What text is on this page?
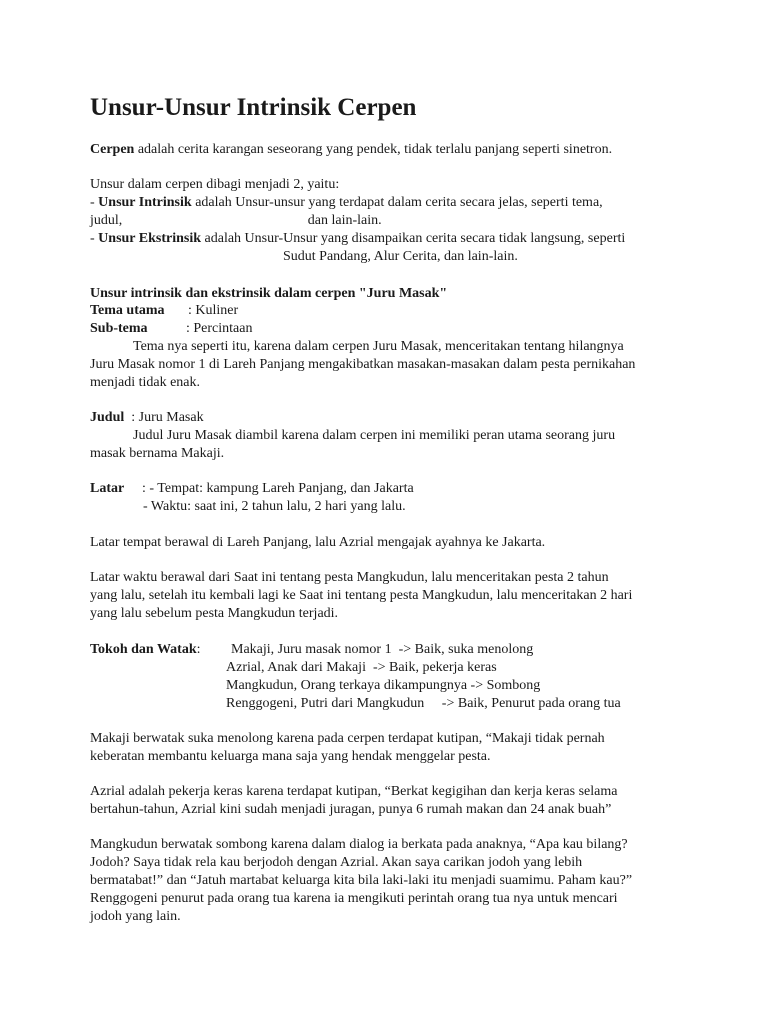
Unsur-Unsur Intrinsik Cerpen
Cerpen adalah cerita karangan seseorang yang pendek, tidak terlalu panjang seperti sinetron.
Unsur dalam cerpen dibagi menjadi 2, yaitu:
- Unsur Intrinsik adalah Unsur-unsur yang terdapat dalam cerita secara jelas, seperti tema,
judul,                                                     dan lain-lain.
- Unsur Ekstrinsik adalah Unsur-Unsur yang disampaikan cerita secara tidak langsung, seperti
Sudut Pandang, Alur Cerita, dan lain-lain.
Unsur intrinsik dan ekstrinsik dalam cerpen "Juru Masak"
Tema utama : Kuliner
Sub-tema	: Percintaan
Tema nya seperti itu, karena dalam cerpen Juru Masak, menceritakan tentang hilangnya
Juru Masak nomor 1 di Lareh Panjang mengakibatkan masakan-masakan dalam pesta pernikahan
menjadi tidak enak.
Judul  : Juru Masak
Judul Juru Masak diambil karena dalam cerpen ini memiliki peran utama seorang juru
masak bernama Makaji.
Latar : - Tempat: kampung Lareh Panjang, dan Jakarta
- Waktu: saat ini, 2 tahun lalu, 2 hari yang lalu.
Latar tempat berawal di Lareh Panjang, lalu Azrial mengajak ayahnya ke Jakarta.
Latar waktu berawal dari Saat ini tentang pesta Mangkudun, lalu menceritakan pesta 2 tahun
yang lalu, setelah itu kembali lagi ke Saat ini tentang pesta Mangkudun, lalu menceritakan 2 hari
yang lalu sebelum pesta Mangkudun terjadi.
Tokoh dan Watak: Makaji, Juru masak nomor 1  -> Baik, suka menolong
Azrial, Anak dari Makaji  -> Baik, pekerja keras
Mangkudun, Orang terkaya dikampungnya -> Sombong
Renggogeni, Putri dari Mangkudun     -> Baik, Penurut pada orang tua
Makaji berwatak suka menolong karena pada cerpen terdapat kutipan, “Makaji tidak pernah
keberatan membantu keluarga mana saja yang hendak menggelar pesta.
Azrial adalah pekerja keras karena terdapat kutipan, “Berkat kegigihan dan kerja keras selama
bertahun-tahun, Azrial kini sudah menjadi juragan, punya 6 rumah makan dan 24 anak buah”
Mangkudun berwatak sombong karena dalam dialog ia berkata pada anaknya, “Apa kau bilang?
Jodoh? Saya tidak rela kau berjodoh dengan Azrial. Akan saya carikan jodoh yang lebih
bermatabat!” dan “Jatuh martabat keluarga kita bila laki-laki itu menjadi suamimu. Paham kau?”
Renggogeni penurut pada orang tua karena ia mengikuti perintah orang tua nya untuk mencari
jodoh yang lain.
